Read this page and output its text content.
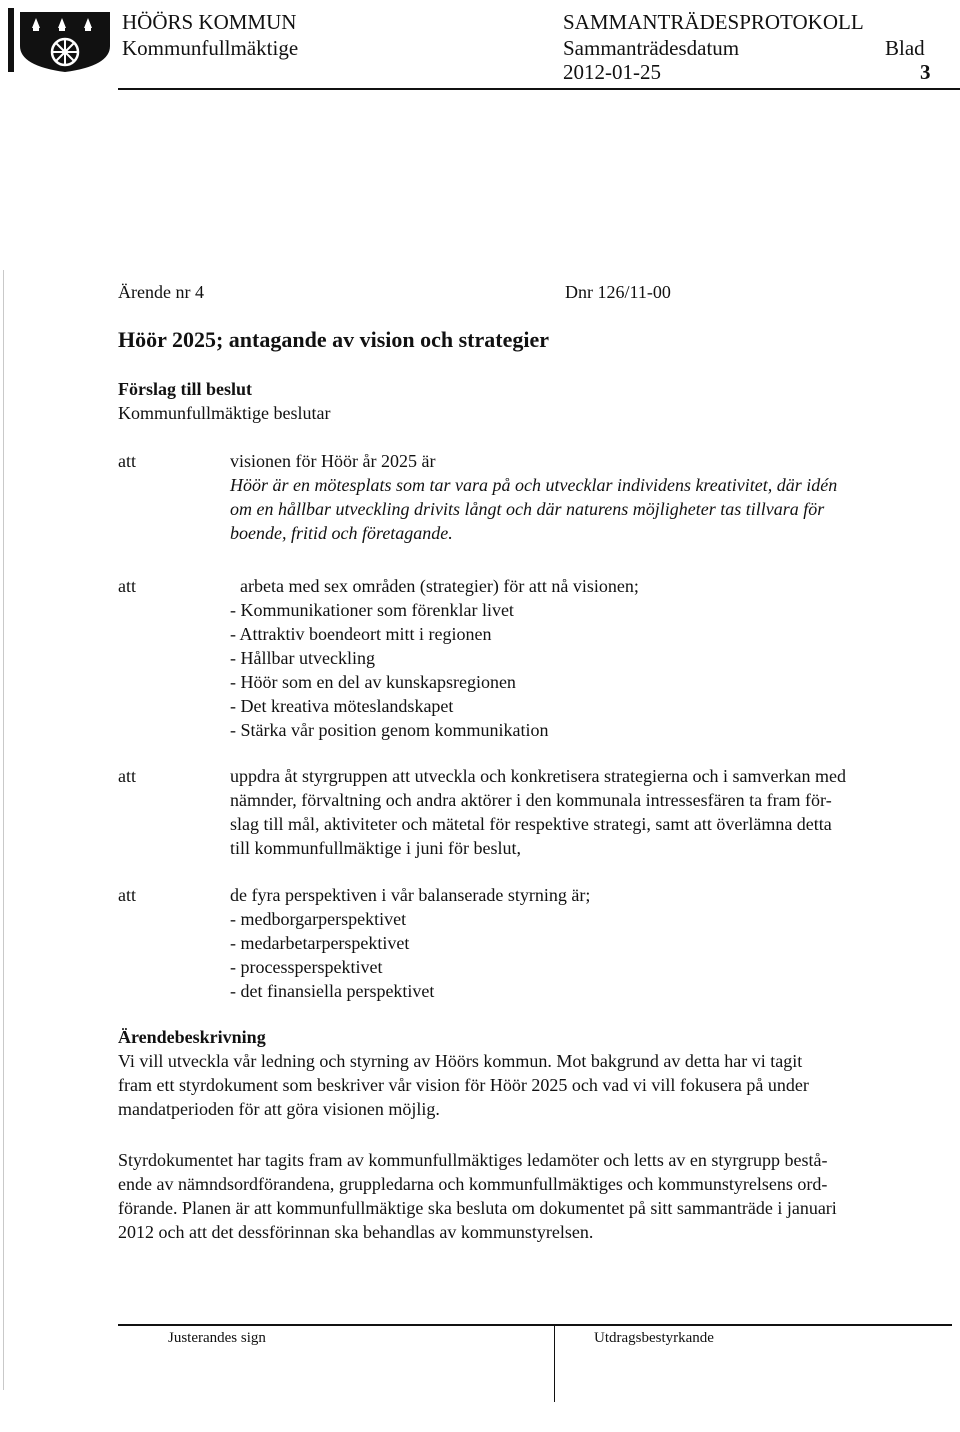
HÖÖRS KOMMUN
Kommunfullmäktige
SAMMANTRÄDESPROTOKOLL
Sammanträdesdatum	Blad
2012-01-25	3
Ärende nr 4	Dnr 126/11-00
Höör 2025; antagande av vision och strategier
Förslag till beslut
Kommunfullmäktige beslutar
att	visionen för Höör år 2025 är
Höör är en mötesplats som tar vara på och utvecklar individens kreativitet, där idén
om en hållbar utveckling drivits långt och där naturens möjligheter tas tillvara för
boende, fritid och företagande.
att	arbeta med sex områden (strategier) för att nå visionen;
- Kommunikationer som förenklar livet
- Attraktiv boendeort mitt i regionen
- Hållbar utveckling
- Höör som en del av kunskapsregionen
- Det kreativa möteslandskapet
- Stärka vår position genom kommunikation
att	uppdra åt styrgruppen att utveckla och konkretisera strategierna och i samverkan med
nämnder, förvaltning och andra aktörer i den kommunala intressesfären ta fram för-
slag till mål, aktiviteter och mätetal för respektive strategi, samt att överlämna detta
till kommunfullmäktige i juni för beslut,
att	de fyra perspektiven i vår balanserade styrning är;
- medborgarperspektivet
- medarbetarperspektivet
- processperspektivet
- det finansiella perspektivet
Ärendebeskrivning
Vi vill utveckla vår ledning och styrning av Höörs kommun. Mot bakgrund av detta har vi tagit
fram ett styrdokument som beskriver vår vision för Höör 2025 och vad vi vill fokusera på under
mandatperioden för att göra visionen möjlig.
Styrdokumentet har tagits fram av kommunfullmäktiges ledamöter och letts av en styrgrupp bestå-
ende av nämndsordförandena, gruppledarna och kommunfullmäktiges och kommunstyrelsens ord-
förande. Planen är att kommunfullmäktige ska besluta om dokumentet på sitt sammanträde i januari
2012 och att det dessförinnan ska behandlas av kommunstyrelsen.
Justerandes sign	Utdragsbestyrkande
